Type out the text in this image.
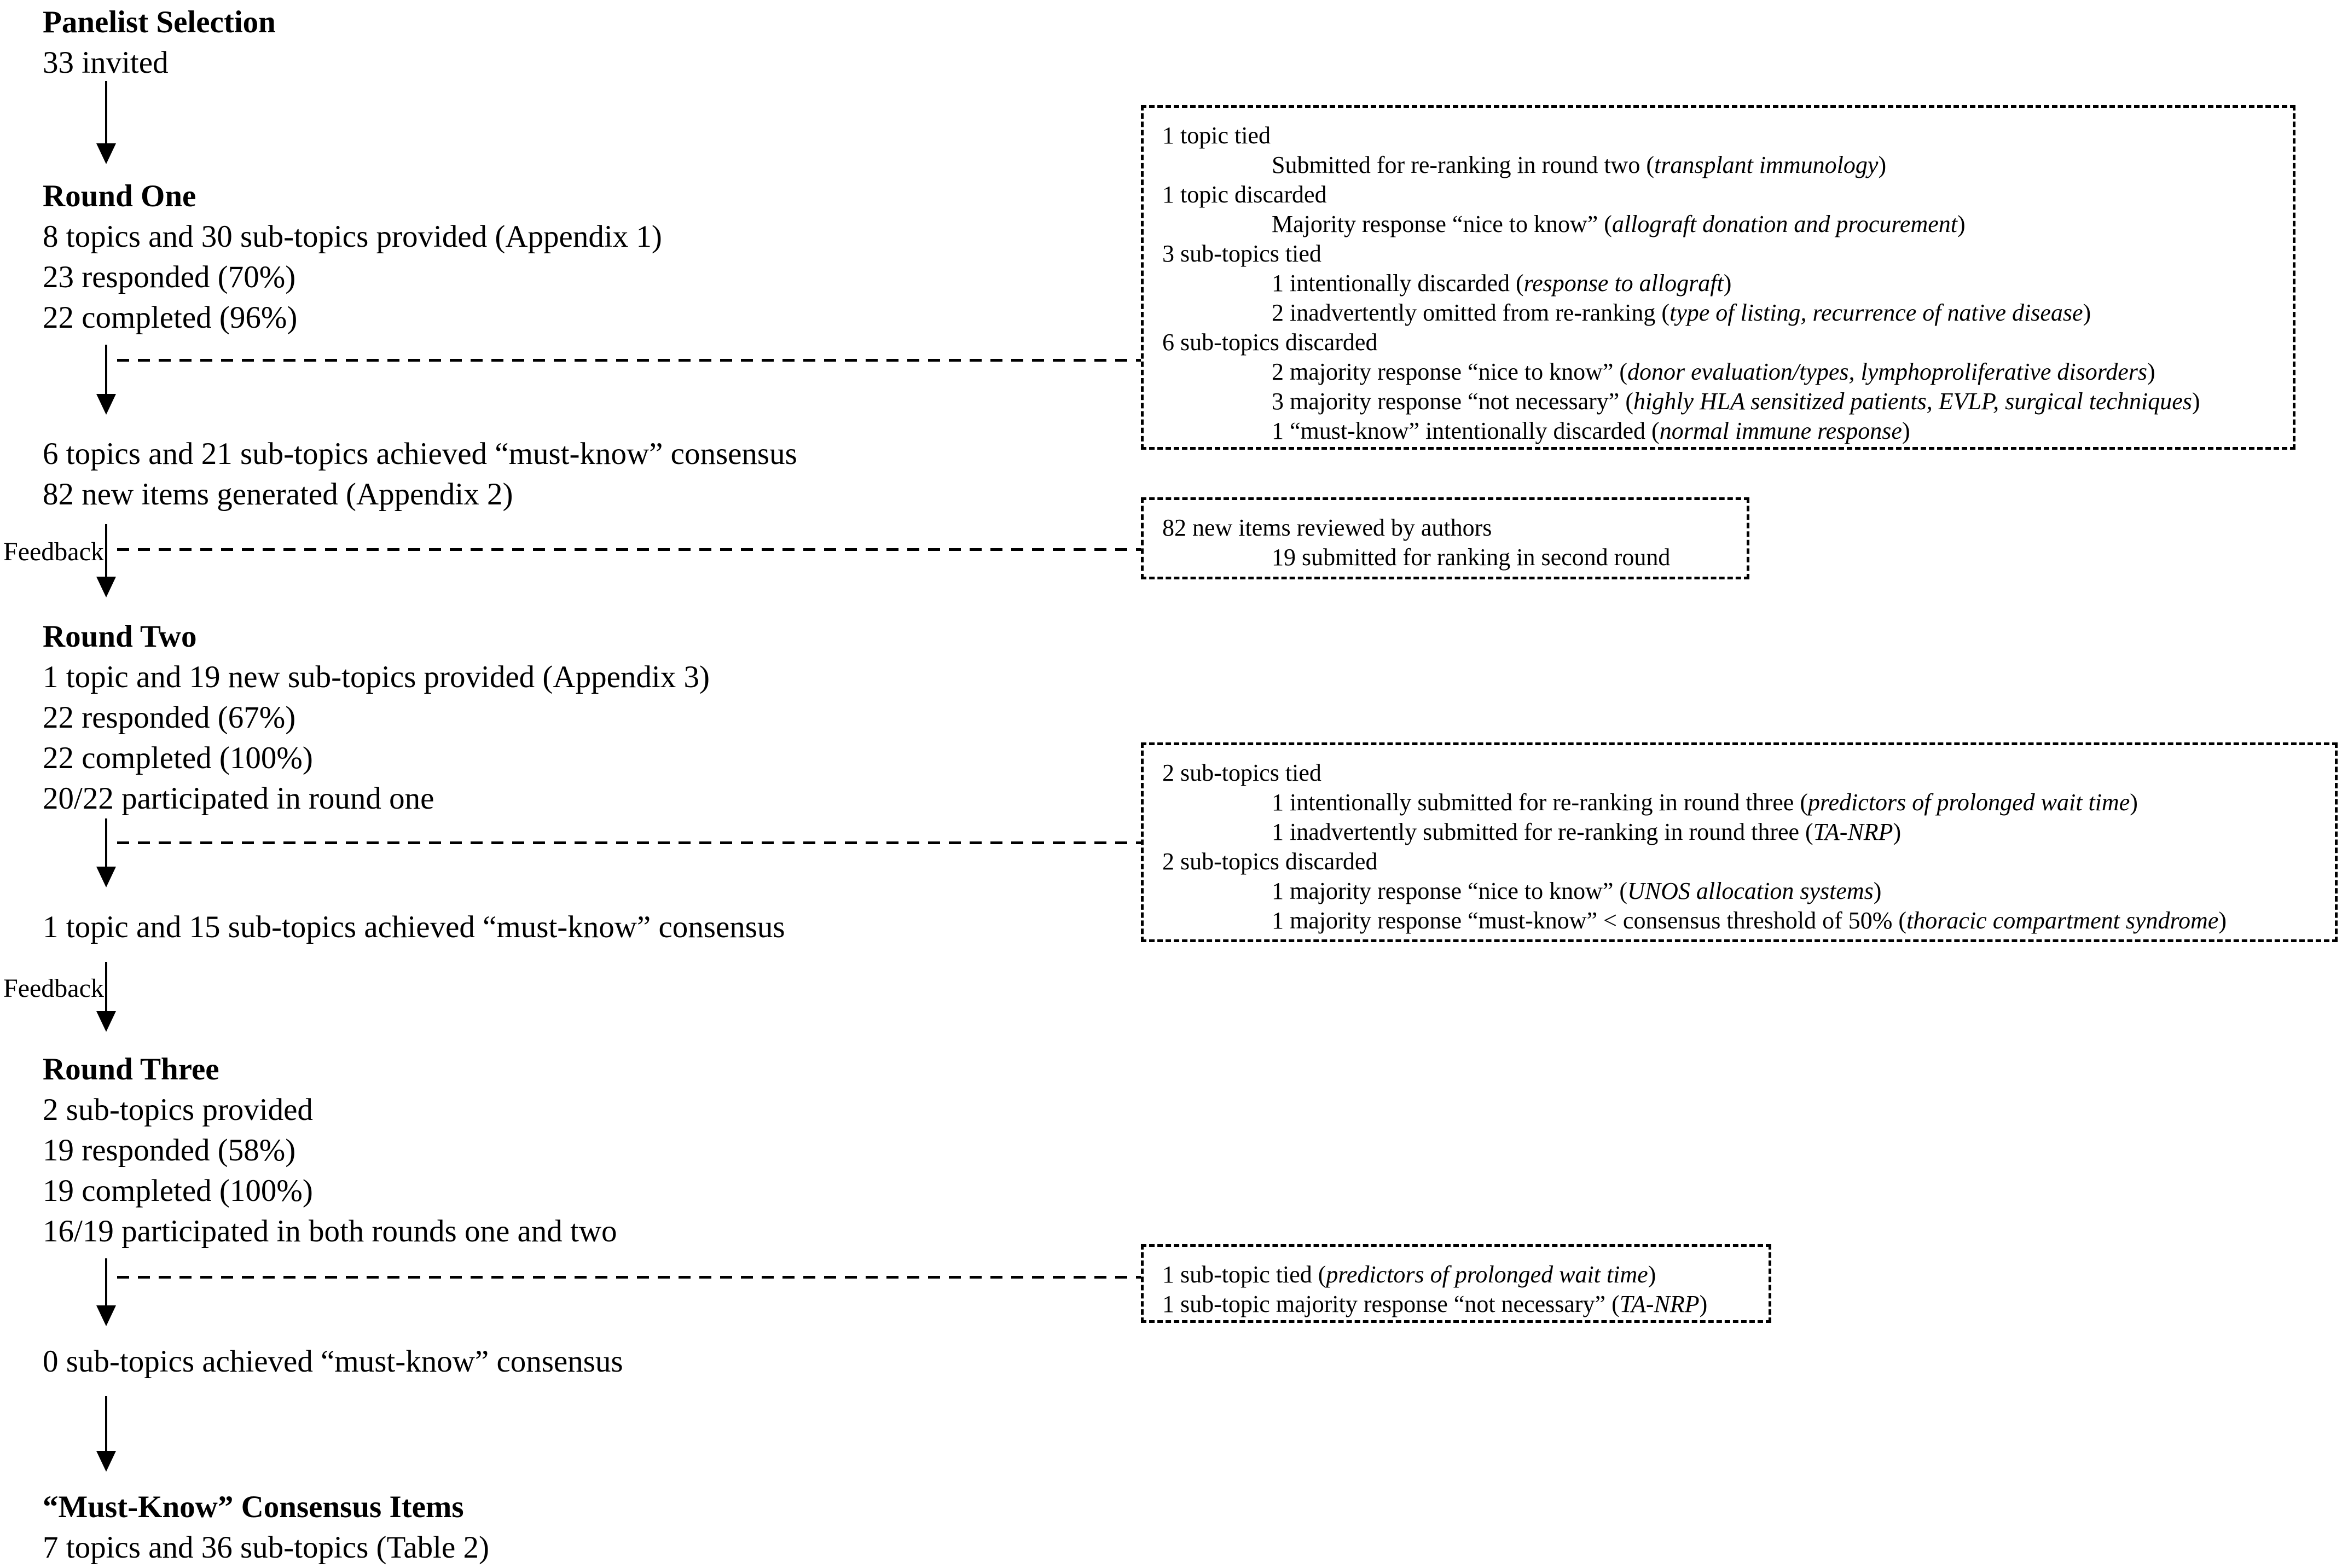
Panelist Selection
33 invited
Round One
8 topics and 30 sub-topics provided (Appendix 1)
23 responded (70%)
22 completed (96%)
6 topics and 21 sub-topics achieved “must-know” consensus
82 new items generated (Appendix 2)
Feedback
Round Two
1 topic and 19 new sub-topics provided (Appendix 3)
22 responded (67%)
22 completed (100%)
20/22 participated in round one
1 topic and 15 sub-topics achieved “must-know” consensus
Feedback
Round Three
2 sub-topics provided
19 responded (58%)
19 completed (100%)
16/19 participated in both rounds one and two
0 sub-topics achieved “must-know” consensus
“Must-Know” Consensus Items
7 topics and 36 sub-topics (Table 2)
1 topic tied
Submitted for re-ranking in round two (transplant immunology)
1 topic discarded
Majority response “nice to know” (allograft donation and procurement)
3 sub-topics tied
1 intentionally discarded (response to allograft)
2 inadvertently omitted from re-ranking (type of listing, recurrence of native disease)
6 sub-topics discarded
2 majority response “nice to know” (donor evaluation/types, lymphoproliferative disorders)
3 majority response “not necessary” (highly HLA sensitized patients, EVLP, surgical techniques)
1 “must-know” intentionally discarded (normal immune response)
82 new items reviewed by authors
19 submitted for ranking in second round
2 sub-topics tied
1 intentionally submitted for re-ranking in round three (predictors of prolonged wait time)
1 inadvertently submitted for re-ranking in round three (TA-NRP)
2 sub-topics discarded
1 majority response “nice to know” (UNOS allocation systems)
1 majority response “must-know” < consensus threshold of 50% (thoracic compartment syndrome)
1 sub-topic tied (predictors of prolonged wait time)
1 sub-topic majority response “not necessary” (TA-NRP)
